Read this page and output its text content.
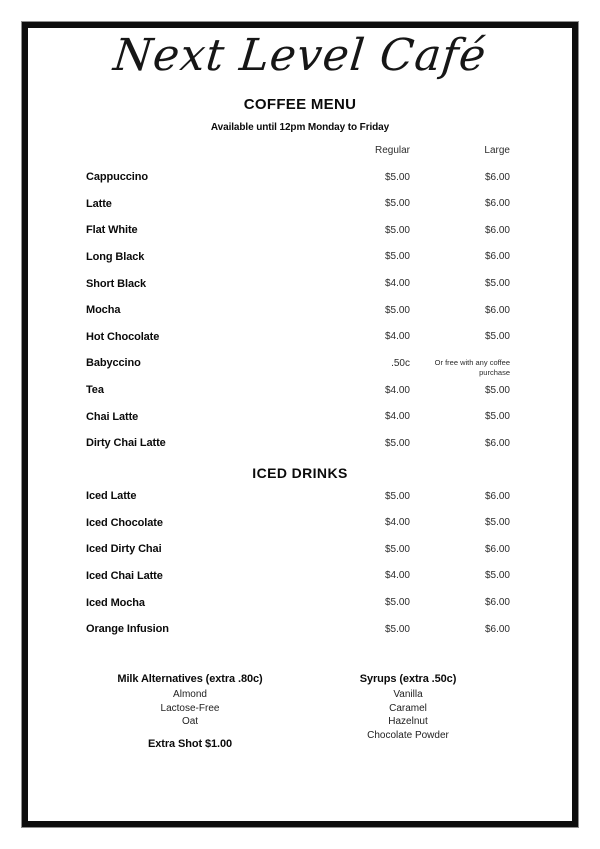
Next Level Café
COFFEE MENU
Available until 12pm Monday to Friday
Regular	Large
Cappuccino	$5.00	$6.00
Latte	$5.00	$6.00
Flat White	$5.00	$6.00
Long Black	$5.00	$6.00
Short Black	$4.00	$5.00
Mocha	$5.00	$6.00
Hot Chocolate	$4.00	$5.00
Babyccino	.50c	Or free with any coffee purchase
Tea	$4.00	$5.00
Chai Latte	$4.00	$5.00
Dirty Chai Latte	$5.00	$6.00
ICED DRINKS
Iced Latte	$5.00	$6.00
Iced Chocolate	$4.00	$5.00
Iced Dirty Chai	$5.00	$6.00
Iced Chai Latte	$4.00	$5.00
Iced Mocha	$5.00	$6.00
Orange Infusion	$5.00	$6.00
Milk Alternatives (extra .80c)
Almond
Lactose-Free
Oat
Extra Shot $1.00
Syrups (extra .50c)
Vanilla
Caramel
Hazelnut
Chocolate Powder
